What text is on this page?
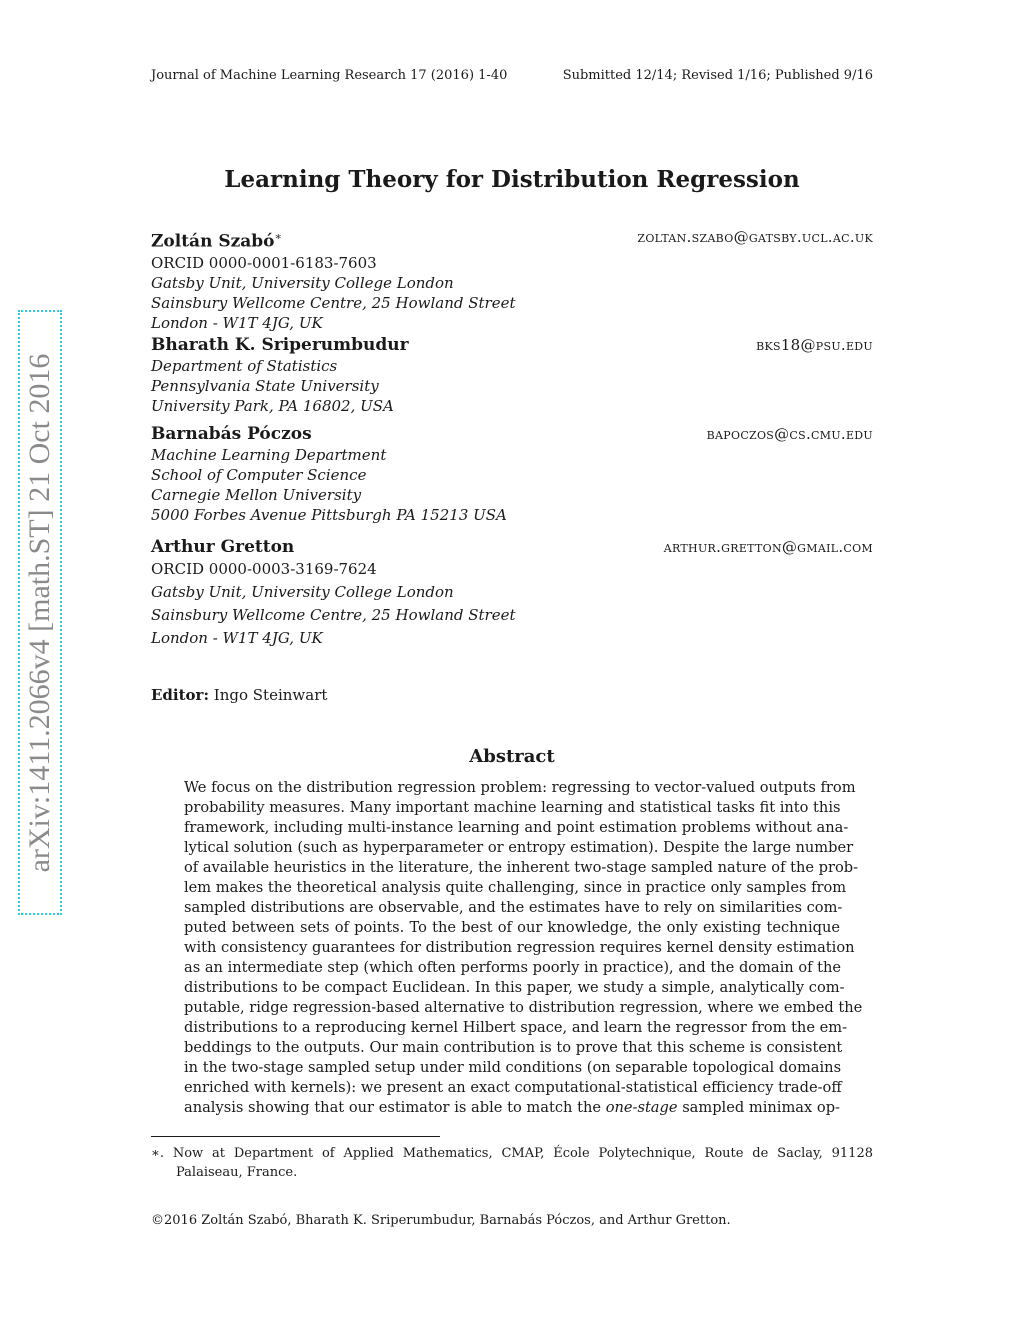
arXiv:1411.2066v4 [math.ST] 21 Oct 2016
Journal of Machine Learning Research 17 (2016) 1-40	Submitted 12/14; Revised 1/16; Published 9/16
Learning Theory for Distribution Regression
Zoltán Szabó∗	zoltan.szabo@gatsby.ucl.ac.uk
ORCID 0000-0001-6183-7603
Gatsby Unit, University College London
Sainsbury Wellcome Centre, 25 Howland Street
London - W1T 4JG, UK
Bharath K. Sriperumbudur	bks18@psu.edu
Department of Statistics
Pennsylvania State University
University Park, PA 16802, USA
Barnabás Póczos	bapoczos@cs.cmu.edu
Machine Learning Department
School of Computer Science
Carnegie Mellon University
5000 Forbes Avenue Pittsburgh PA 15213 USA
Arthur Gretton	arthur.gretton@gmail.com
ORCID 0000-0003-3169-7624
Gatsby Unit, University College London
Sainsbury Wellcome Centre, 25 Howland Street
London - W1T 4JG, UK
Editor: Ingo Steinwart
Abstract
We focus on the distribution regression problem: regressing to vector-valued outputs from
probability measures. Many important machine learning and statistical tasks fit into this
framework, including multi-instance learning and point estimation problems without ana-
lytical solution (such as hyperparameter or entropy estimation). Despite the large number
of available heuristics in the literature, the inherent two-stage sampled nature of the prob-
lem makes the theoretical analysis quite challenging, since in practice only samples from
sampled distributions are observable, and the estimates have to rely on similarities com-
puted between sets of points. To the best of our knowledge, the only existing technique
with consistency guarantees for distribution regression requires kernel density estimation
as an intermediate step (which often performs poorly in practice), and the domain of the
distributions to be compact Euclidean. In this paper, we study a simple, analytically com-
putable, ridge regression-based alternative to distribution regression, where we embed the
distributions to a reproducing kernel Hilbert space, and learn the regressor from the em-
beddings to the outputs. Our main contribution is to prove that this scheme is consistent
in the two-stage sampled setup under mild conditions (on separable topological domains
enriched with kernels): we present an exact computational-statistical efficiency trade-off
analysis showing that our estimator is able to match the one-stage sampled minimax op-
∗. Now at Department of Applied Mathematics, CMAP, École Polytechnique, Route de Saclay, 91128
Palaiseau, France.
©2016 Zoltán Szabó, Bharath K. Sriperumbudur, Barnabás Póczos, and Arthur Gretton.
